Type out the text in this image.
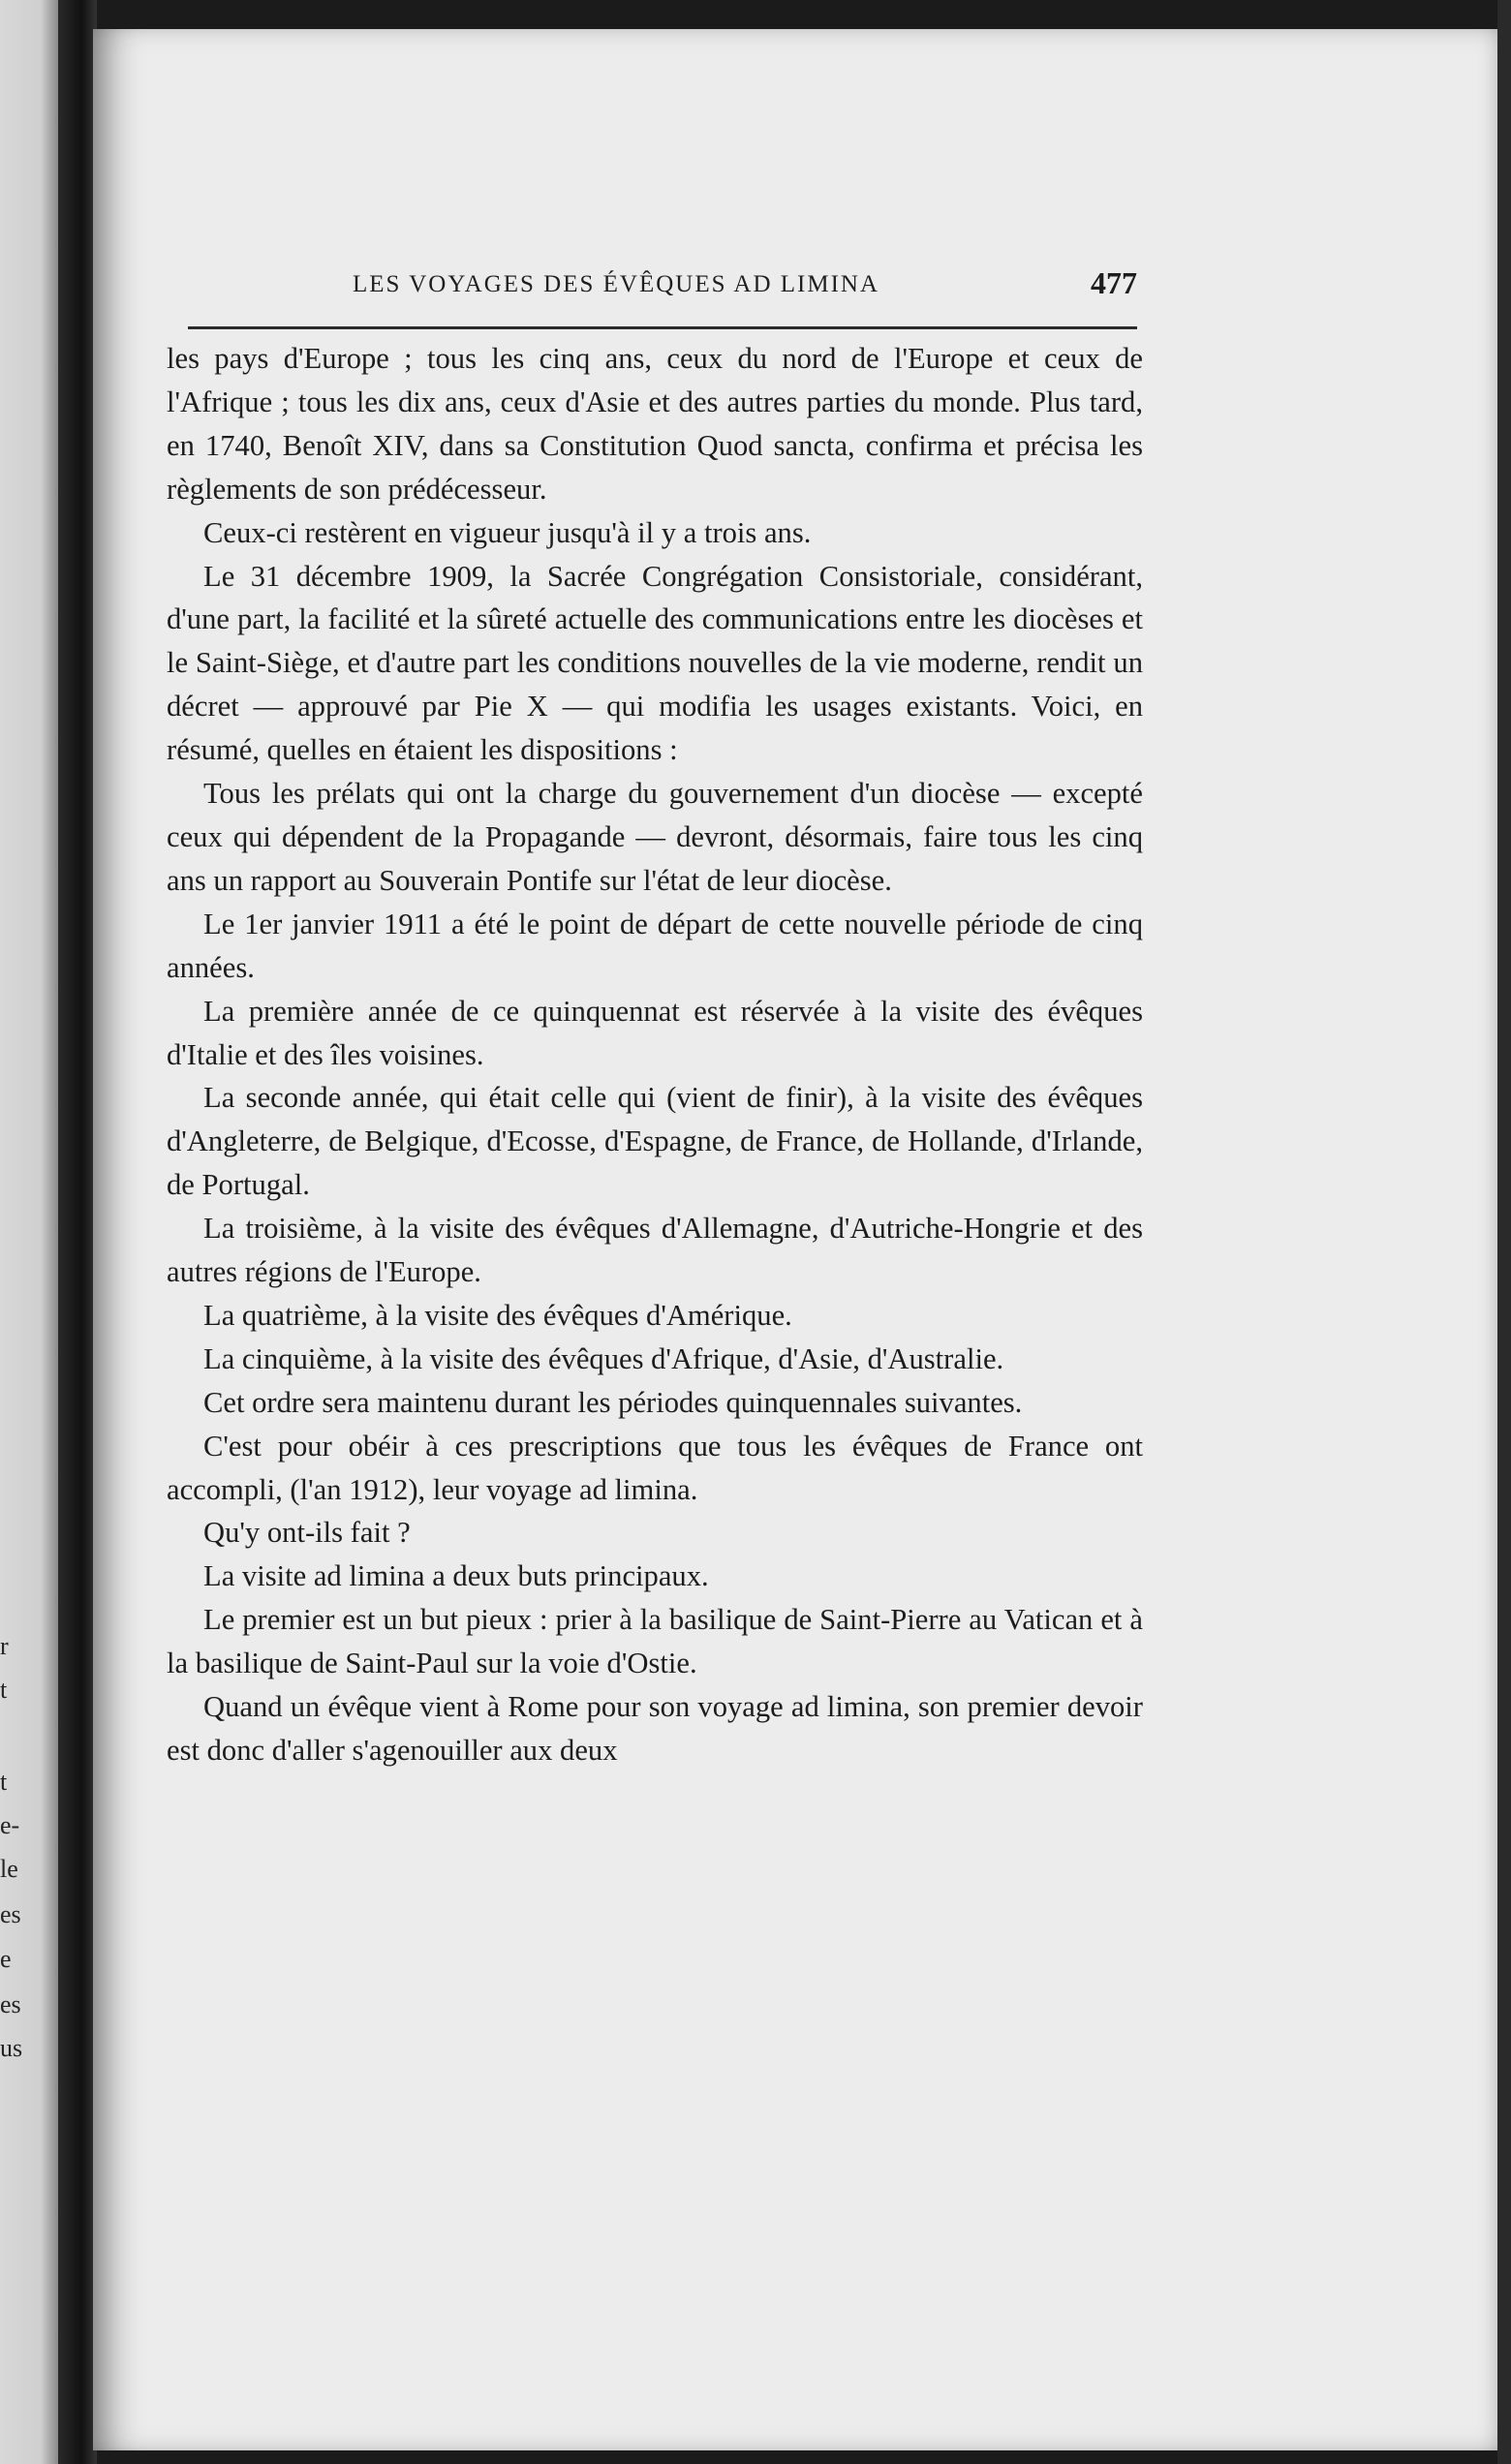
r
t
t
e-
le
es
e
es
us
LES VOYAGES DES ÉVÊQUES AD LIMINA	477

les pays d'Europe ; tous les cinq ans, ceux du nord de l'Europe et ceux de l'Afrique ; tous les dix ans, ceux d'Asie et des autres parties du monde. Plus tard, en 1740, Benoît XIV, dans sa Constitution Quod sancta, confirma et précisa les règlements de son prédécesseur.

Ceux-ci restèrent en vigueur jusqu'à il y a trois ans.

Le 31 décembre 1909, la Sacrée Congrégation Consistoriale, considérant, d'une part, la facilité et la sûreté actuelle des communications entre les diocèses et le Saint-Siège, et d'autre part les conditions nouvelles de la vie moderne, rendit un décret — approuvé par Pie X — qui modifia les usages existants. Voici, en résumé, quelles en étaient les dispositions :

Tous les prélats qui ont la charge du gouvernement d'un diocèse — excepté ceux qui dépendent de la Propagande — devront, désormais, faire tous les cinq ans un rapport au Souverain Pontife sur l'état de leur diocèse.

Le 1er janvier 1911 a été le point de départ de cette nouvelle période de cinq années.

La première année de ce quinquennat est réservée à la visite des évêques d'Italie et des îles voisines.

La seconde année, qui était celle qui (vient de finir), à la visite des évêques d'Angleterre, de Belgique, d'Ecosse, d'Espagne, de France, de Hollande, d'Irlande, de Portugal.

La troisième, à la visite des évêques d'Allemagne, d'Autriche-Hongrie et des autres régions de l'Europe.

La quatrième, à la visite des évêques d'Amérique.

La cinquième, à la visite des évêques d'Afrique, d'Asie, d'Australie.

Cet ordre sera maintenu durant les périodes quinquennales suivantes.

C'est pour obéir à ces prescriptions que tous les évêques de France ont accompli, (l'an 1912), leur voyage ad limina.

Qu'y ont-ils fait ?

La visite ad limina a deux buts principaux.

Le premier est un but pieux : prier à la basilique de Saint-Pierre au Vatican et à la basilique de Saint-Paul sur la voie d'Ostie.

Quand un évêque vient à Rome pour son voyage ad limina, son premier devoir est donc d'aller s'agenouiller aux deux
